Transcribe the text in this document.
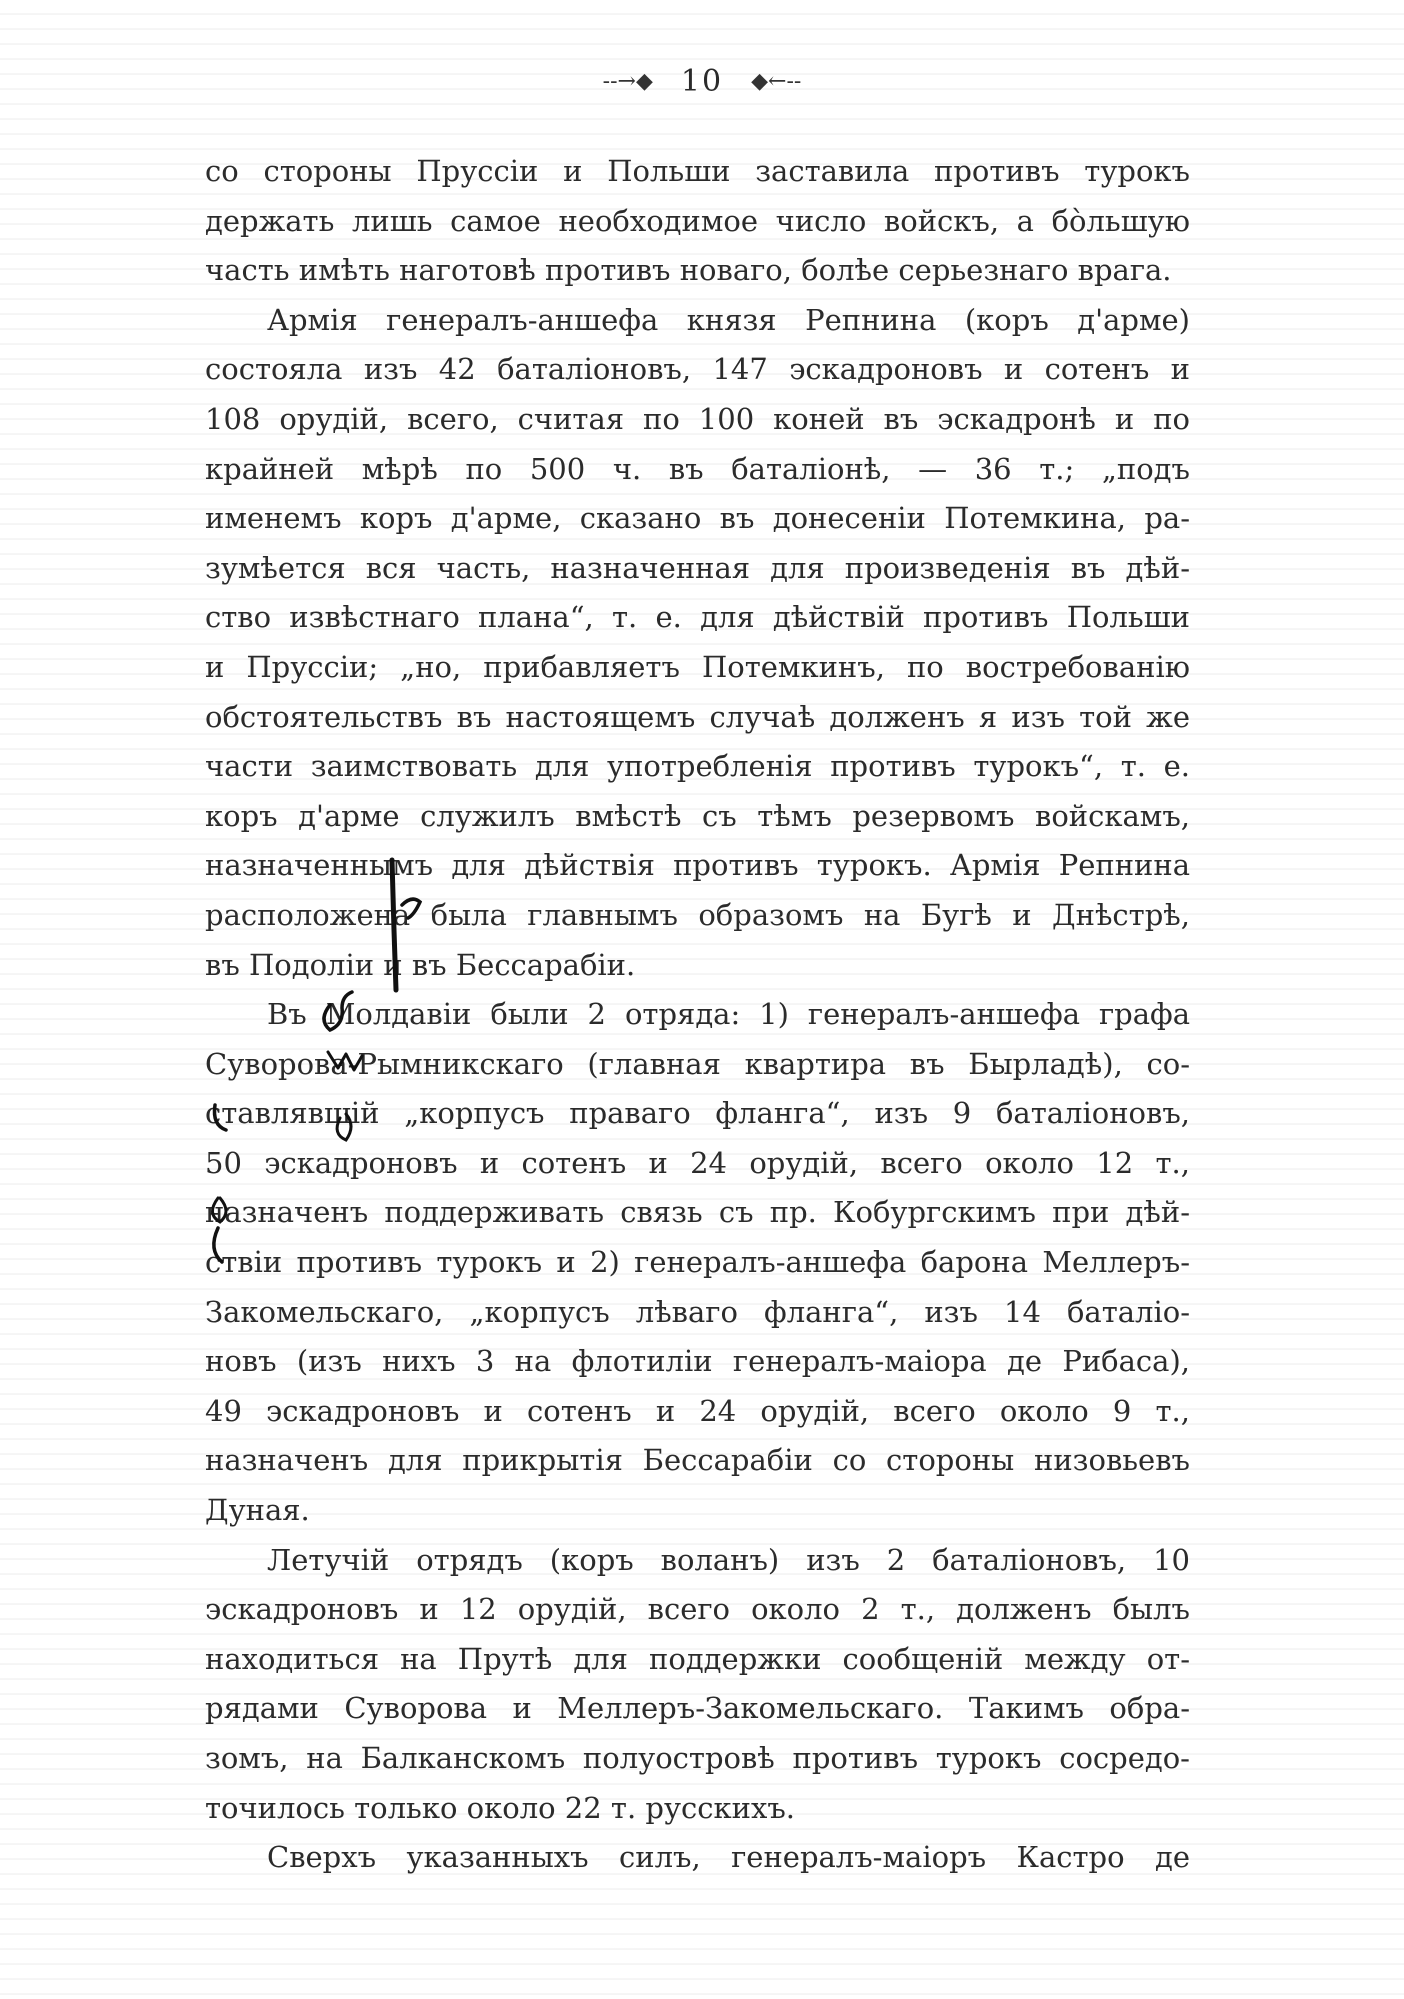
--→◆ 10 ◆←--
со стороны Пруссіи и Польши заставила противъ турокъ
держать лишь самое необходимое число войскъ, а бо̀льшую
часть имѣть наготовѣ противъ новаго, болѣе серьезнаго врага.
Армія генералъ-аншефа князя Репнина (коръ д'арме)
состояла изъ 42 баталіоновъ, 147 эскадроновъ и сотенъ и
108 орудій, всего, считая по 100 коней въ эскадронѣ и по
крайней мѣрѣ по 500 ч. въ баталіонѣ, — 36 т.; „подъ
именемъ коръ д'арме, сказано въ донесеніи Потемкина, ра-
зумѣется вся часть, назначенная для произведенія въ дѣй-
ство извѣстнаго плана“, т. е. для дѣйствій противъ Польши
и Пруссіи; „но, прибавляетъ Потемкинъ, по востребованію
обстоятельствъ въ настоящемъ случаѣ долженъ я изъ той же
части заимствовать для употребленія противъ турокъ“, т. е.
коръ д'арме служилъ вмѣстѣ съ тѣмъ резервомъ войскамъ,
назначеннымъ для дѣйствія противъ турокъ. Армія Репнина
расположена была главнымъ образомъ на Бугѣ и Днѣстрѣ,
въ Подоліи и въ Бессарабіи.
Въ Молдавіи были 2 отряда: 1) генералъ-аншефа графа
Суворова-Рымникскаго (главная квартира въ Бырладѣ), со-
ставлявшій „корпусъ праваго фланга“, изъ 9 баталіоновъ,
50 эскадроновъ и сотенъ и 24 орудій, всего около 12 т.,
назначенъ поддерживать связь съ пр. Кобургскимъ при дѣй-
ствіи противъ турокъ и 2) генералъ-аншефа барона Меллеръ-
Закомельскаго, „корпусъ лѣваго фланга“, изъ 14 баталіо-
новъ (изъ нихъ 3 на флотиліи генералъ-маіора де Рибаса),
49 эскадроновъ и сотенъ и 24 орудій, всего около 9 т.,
назначенъ для прикрытія Бессарабіи со стороны низовьевъ
Дуная.
Летучій отрядъ (коръ воланъ) изъ 2 баталіоновъ, 10
эскадроновъ и 12 орудій, всего около 2 т., долженъ былъ
находиться на Прутѣ для поддержки сообщеній между от-
рядами Суворова и Меллеръ-Закомельскаго. Такимъ обра-
зомъ, на Балканскомъ полуостровѣ противъ турокъ сосредо-
точилось только около 22 т. русскихъ.
Сверхъ указанныхъ силъ, генералъ-маіоръ Кастро де
